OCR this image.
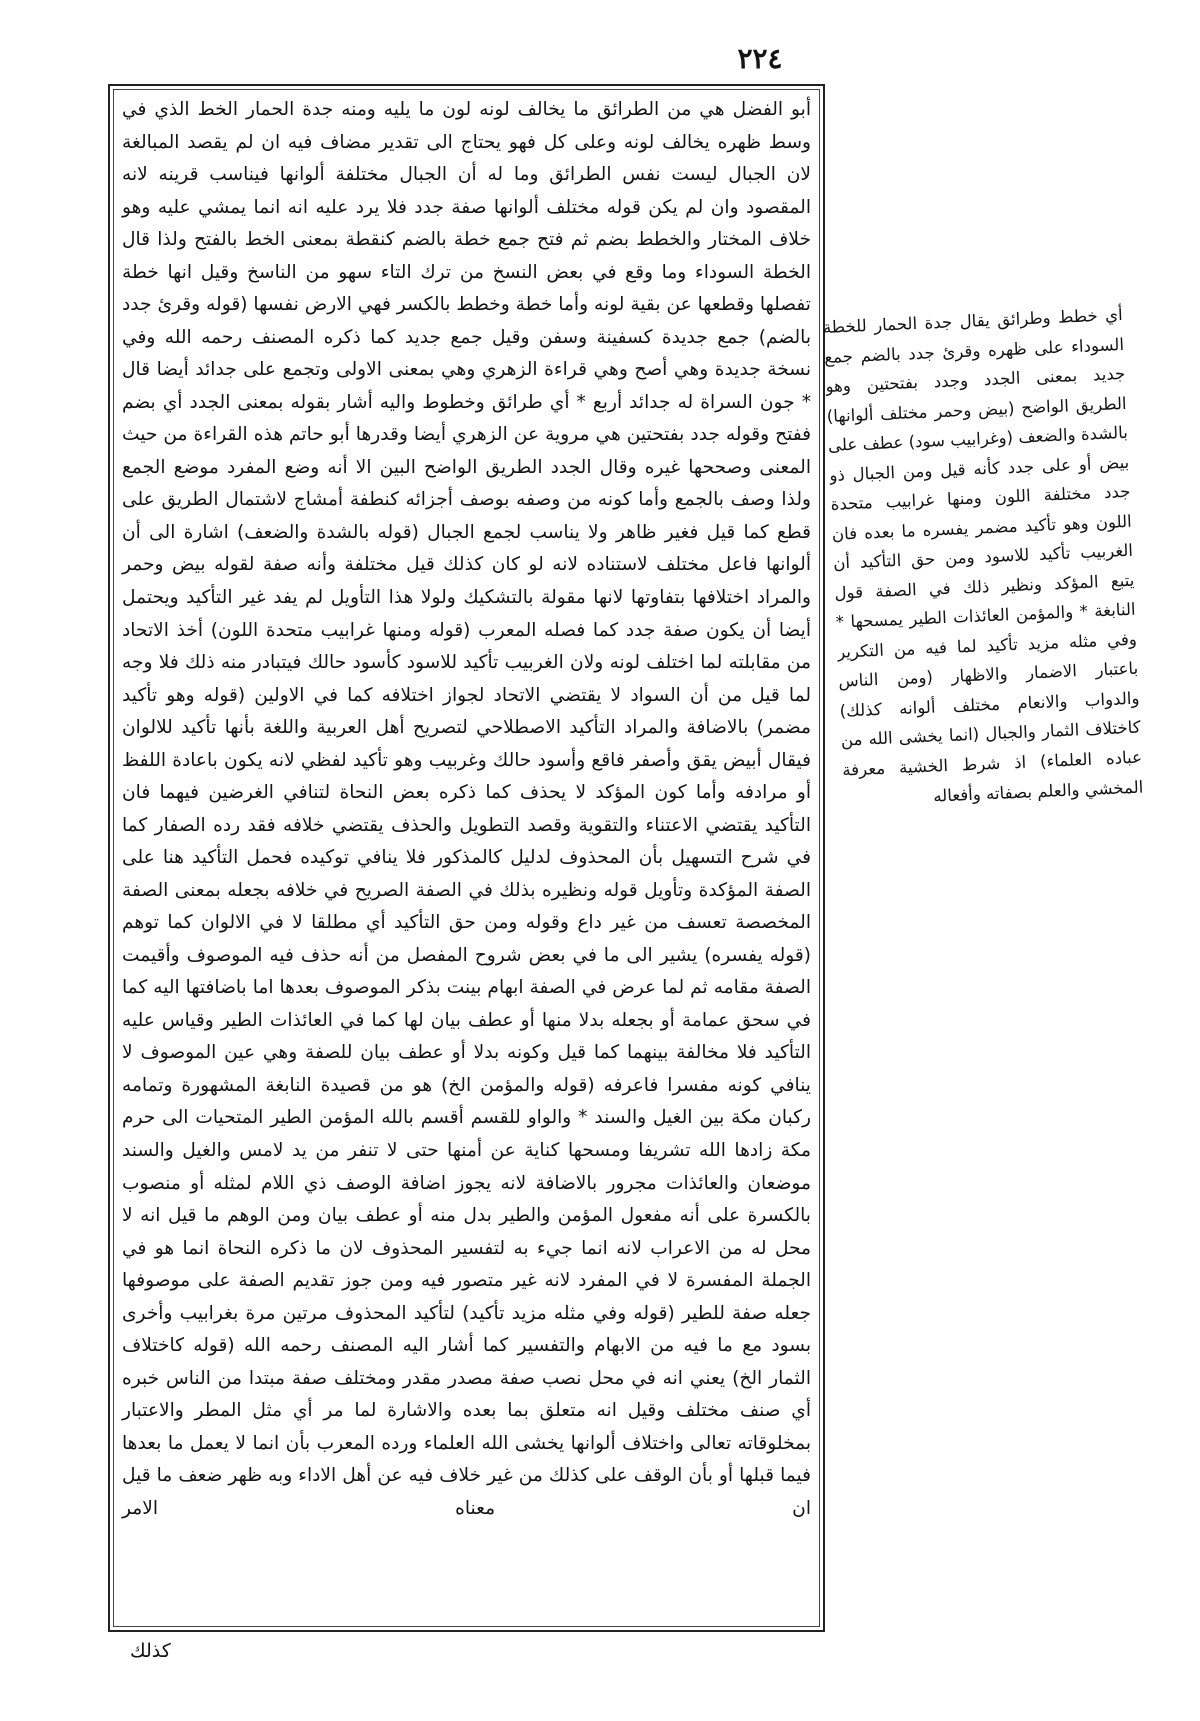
٢٢٤

أبو الفضل هي من الطرائق ما يخالف لونه لون ما يليه ومنه جدة الحمار الخط الذي في وسط ظهره يخالف لونه وعلى كل فهو يحتاج الى تقدير مضاف فيه ان لم يقصد المبالغة لان الجبال ليست نفس الطرائق وما له أن الجبال مختلفة ألوانها فيناسب قرينه لانه المقصود وان لم يكن قوله مختلف ألوانها صفة جدد فلا يرد عليه انه انما يمشي عليه وهو خلاف المختار والخطط بضم ثم فتح جمع خطة بالضم كنقطة بمعنى الخط بالفتح ولذا قال الخطة السوداء وما وقع في بعض النسخ من ترك التاء سهو من الناسخ وقيل انها خطة تفصلها وقطعها عن بقية لونه وأما خطة وخطط بالكسر فهي الارض نفسها (قوله وقرئ جدد بالضم) جمع جديدة كسفينة وسفن وقيل جمع جديد كما ذكره المصنف رحمه الله وفي نسخة جديدة وهي أصح وهي قراءة الزهري وهي بمعنى الاولى وتجمع على جدائد أيضا قال * جون السراة له جدائد أربع * أي طرائق وخطوط واليه أشار بقوله بمعنى الجدد أي بضم ففتح وقوله جدد بفتحتين هي مروية عن الزهري أيضا وقدرها أبو حاتم هذه القراءة من حيث المعنى وصححها غيره وقال الجدد الطريق الواضح البين الا أنه وضع المفرد موضع الجمع ولذا وصف بالجمع وأما كونه من وصفه بوصف أجزائه كنطفة أمشاج لاشتمال الطريق على قطع كما قيل فغير ظاهر ولا يناسب لجمع الجبال (قوله بالشدة والضعف) اشارة الى أن ألوانها فاعل مختلف لاستناده لانه لو كان كذلك قيل مختلفة وأنه صفة لقوله بيض وحمر والمراد اختلافها بتفاوتها لانها مقولة بالتشكيك ولولا هذا التأويل لم يفد غير التأكيد ويحتمل أيضا أن يكون صفة جدد كما فصله المعرب (قوله ومنها غرابيب متحدة اللون) أخذ الاتحاد من مقابلته لما اختلف لونه ولان الغربيب تأكيد للاسود كأسود حالك فيتبادر منه ذلك فلا وجه لما قيل من أن السواد لا يقتضي الاتحاد لجواز اختلافه كما في الاولين (قوله وهو تأكيد مضمر) بالاضافة والمراد التأكيد الاصطلاحي لتصريح أهل العربية واللغة بأنها تأكيد للالوان فيقال أبيض يقق وأصفر فاقع وأسود حالك وغربيب وهو تأكيد لفظي لانه يكون باعادة اللفظ أو مرادفه وأما كون المؤكد لا يحذف كما ذكره بعض النحاة لتنافي الغرضين فيهما فان التأكيد يقتضي الاعتناء والتقوية وقصد التطويل والحذف يقتضي خلافه فقد رده الصفار كما في شرح التسهيل بأن المحذوف لدليل كالمذكور فلا ينافي توكيده فحمل التأكيد هنا على الصفة المؤكدة وتأويل قوله ونظيره بذلك في الصفة الصريح في خلافه بجعله بمعنى الصفة المخصصة تعسف من غير داع وقوله ومن حق التأكيد أي مطلقا لا في الالوان كما توهم (قوله يفسره) يشير الى ما في بعض شروح المفصل من أنه حذف فيه الموصوف وأقيمت الصفة مقامه ثم لما عرض في الصفة ابهام بينت بذكر الموصوف بعدها اما باضافتها اليه كما في سحق عمامة أو بجعله بدلا منها أو عطف بيان لها كما في العائذات الطير وقياس عليه التأكيد فلا مخالفة بينهما كما قيل وكونه بدلا أو عطف بيان للصفة وهي عين الموصوف لا ينافي كونه مفسرا فاعرفه (قوله والمؤمن الخ) هو من قصيدة النابغة المشهورة وتمامه ركبان مكة بين الغيل والسند * والواو للقسم أقسم بالله المؤمن الطير المتحيات الى حرم مكة زادها الله تشريفا ومسحها كناية عن أمنها حتى لا تنفر من يد لامس والغيل والسند موضعان والعائذات مجرور بالاضافة لانه يجوز اضافة الوصف ذي اللام لمثله أو منصوب بالكسرة على أنه مفعول المؤمن والطير بدل منه أو عطف بيان ومن الوهم ما قيل انه لا محل له من الاعراب لانه انما جيء به لتفسير المحذوف لان ما ذكره النحاة انما هو في الجملة المفسرة لا في المفرد لانه غير متصور فيه ومن جوز تقديم الصفة على موصوفها جعله صفة للطير (قوله وفي مثله مزيد تأكيد) لتأكيد المحذوف مرتين مرة بغرابيب وأخرى بسود مع ما فيه من الابهام والتفسير كما أشار اليه المصنف رحمه الله (قوله كاختلاف الثمار الخ) يعني انه في محل نصب صفة مصدر مقدر ومختلف صفة مبتدا من الناس خبره أي صنف مختلف وقيل انه متعلق بما بعده والاشارة لما مر أي مثل المطر والاعتبار بمخلوقاته تعالى واختلاف ألوانها يخشى الله العلماء ورده المعرب بأن انما لا يعمل ما بعدها فيما قبلها أو بأن الوقف على كذلك من غير خلاف فيه عن أهل الاداء وبه ظهر ضعف ما قيل ان معناه الامر

أي خطط وطرائق يقال جدة الحمار للخطة السوداء على ظهره وقرئ جدد بالضم جمع جديد بمعنى الجدد وجدد بفتحتين وهو الطريق الواضح (بيض وحمر مختلف ألوانها) بالشدة والضعف (وغرابيب سود) عطف على بيض أو على جدد كأنه قيل ومن الجبال ذو جدد مختلفة اللون ومنها غرابيب متحدة اللون وهو تأكيد مضمر يفسره ما بعده فان الغربيب تأكيد للاسود ومن حق التأكيد أن يتبع المؤكد ونظير ذلك في الصفة قول النابغة * والمؤمن العائذات الطير يمسحها * وفي مثله مزيد تأكيد لما فيه من التكرير باعتبار الاضمار والاظهار (ومن الناس والدواب والانعام مختلف ألوانه كذلك) كاختلاف الثمار والجبال (انما يخشى الله من عباده العلماء) اذ شرط الخشية معرفة المخشي والعلم بصفاته وأفعاله
كذلك
